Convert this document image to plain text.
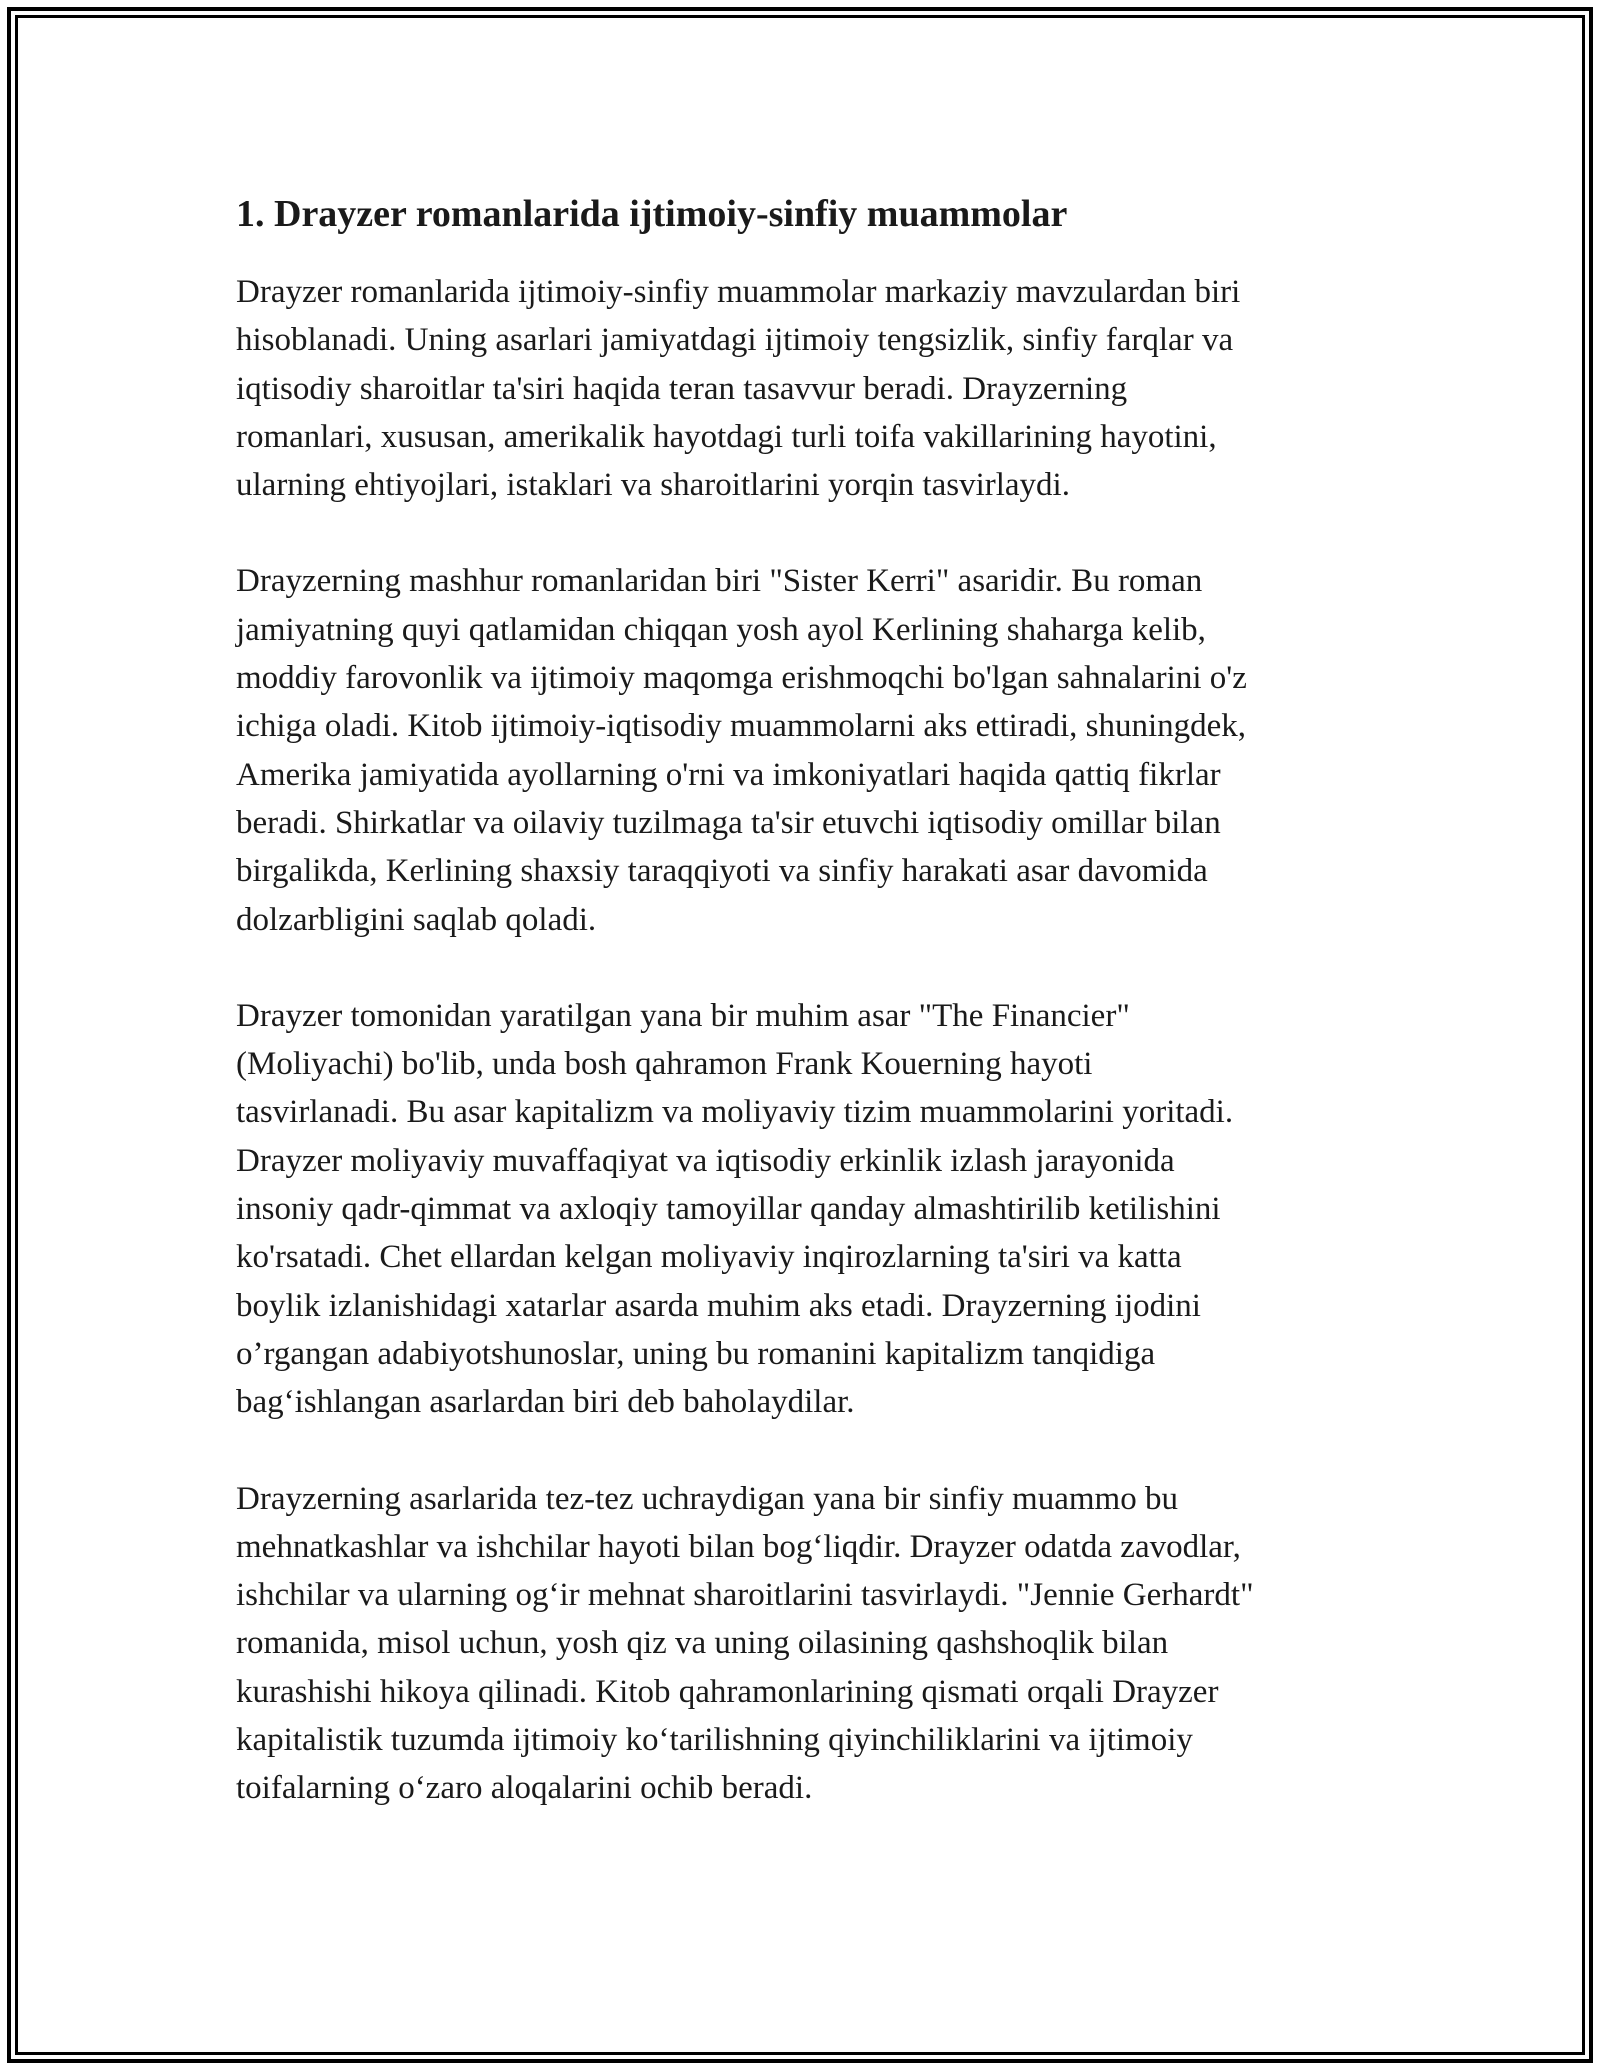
1. Drayzer romanlarida ijtimoiy-sinfiy muammolar

Drayzer romanlarida ijtimoiy-sinfiy muammolar markaziy mavzulardan biri
hisoblanadi. Uning asarlari jamiyatdagi ijtimoiy tengsizlik, sinfiy farqlar va
iqtisodiy sharoitlar ta'siri haqida teran tasavvur beradi. Drayzerning
romanlari, xususan, amerikalik hayotdagi turli toifa vakillarining hayotini,
ularning ehtiyojlari, istaklari va sharoitlarini yorqin tasvirlaydi.

Drayzerning mashhur romanlaridan biri "Sister Kerri" asaridir. Bu roman
jamiyatning quyi qatlamidan chiqqan yosh ayol Kerlining shaharga kelib,
moddiy farovonlik va ijtimoiy maqomga erishmoqchi bo'lgan sahnalarini o'z
ichiga oladi. Kitob ijtimoiy-iqtisodiy muammolarni aks ettiradi, shuningdek,
Amerika jamiyatida ayollarning o'rni va imkoniyatlari haqida qattiq fikrlar
beradi. Shirkatlar va oilaviy tuzilmaga ta'sir etuvchi iqtisodiy omillar bilan
birgalikda, Kerlining shaxsiy taraqqiyoti va sinfiy harakati asar davomida
dolzarbligini saqlab qoladi.

Drayzer tomonidan yaratilgan yana bir muhim asar "The Financier"
(Moliyachi) bo'lib, unda bosh qahramon Frank Kouerning hayoti
tasvirlanadi. Bu asar kapitalizm va moliyaviy tizim muammolarini yoritadi.
Drayzer moliyaviy muvaffaqiyat va iqtisodiy erkinlik izlash jarayonida
insoniy qadr-qimmat va axloqiy tamoyillar qanday almashtirilib ketilishini
ko'rsatadi. Chet ellardan kelgan moliyaviy inqirozlarning ta'siri va katta
boylik izlanishidagi xatarlar asarda muhim aks etadi. Drayzerning ijodini
o’rgangan adabiyotshunoslar, uning bu romanini kapitalizm tanqidiga
bag‘ishlangan asarlardan biri deb baholaydilar.

Drayzerning asarlarida tez-tez uchraydigan yana bir sinfiy muammo bu
mehnatkashlar va ishchilar hayoti bilan bog‘liqdir. Drayzer odatda zavodlar,
ishchilar va ularning og‘ir mehnat sharoitlarini tasvirlaydi. "Jennie Gerhardt"
romanida, misol uchun, yosh qiz va uning oilasining qashshoqlik bilan
kurashishi hikoya qilinadi. Kitob qahramonlarining qismati orqali Drayzer
kapitalistik tuzumda ijtimoiy ko‘tarilishning qiyinchiliklarini va ijtimoiy
toifalarning o‘zaro aloqalarini ochib beradi.
